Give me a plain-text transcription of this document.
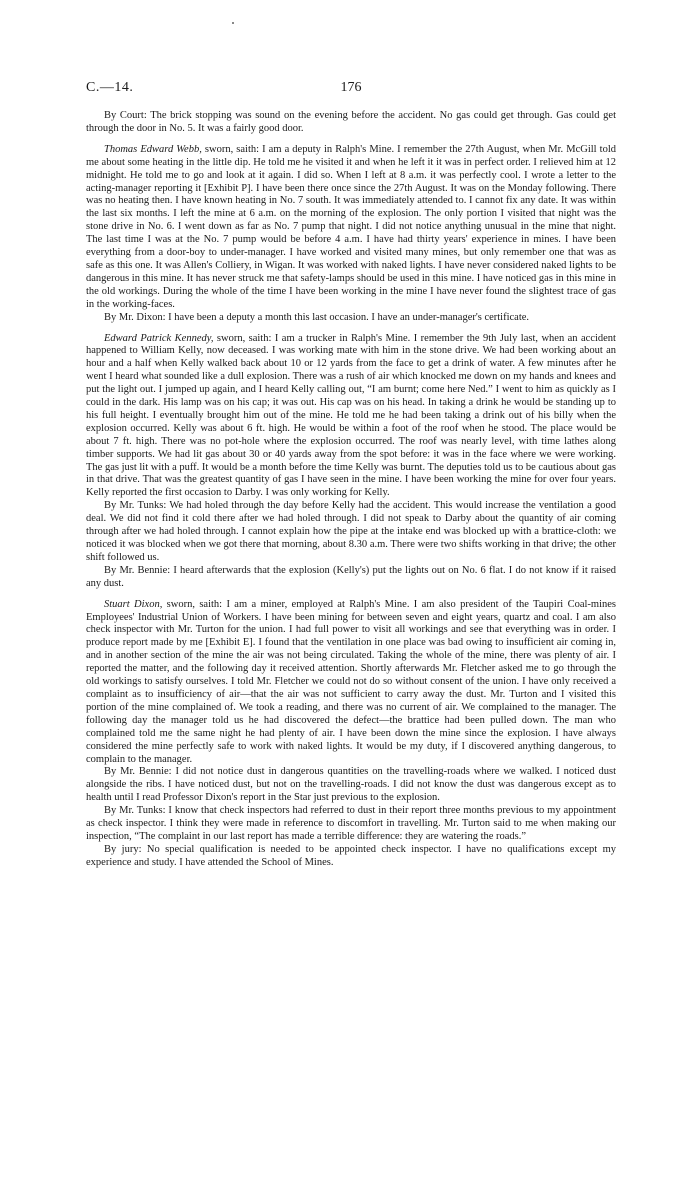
C.—14.	176

By Court: The brick stopping was sound on the evening before the accident. No gas could get through. Gas could get through the door in No. 5. It was a fairly good door.

Thomas Edward Webb, sworn, saith: I am a deputy in Ralph's Mine. I remember the 27th August, when Mr. McGill told me about some heating in the little dip. He told me he visited it and when he left it it was in perfect order. I relieved him at 12 midnight. He told me to go and look at it again. I did so. When I left at 8 a.m. it was perfectly cool. I wrote a letter to the acting-manager reporting it [Exhibit P]. I have been there once since the 27th August. It was on the Monday following. There was no heating then. I have known heating in No. 7 south. It was immediately attended to. I cannot fix any date. It was within the last six months. I left the mine at 6 a.m. on the morning of the explosion. The only portion I visited that night was the stone drive in No. 6. I went down as far as No. 7 pump that night. I did not notice anything unusual in the mine that night. The last time I was at the No. 7 pump would be before 4 a.m. I have had thirty years' experience in mines. I have been everything from a door-boy to under-manager. I have worked and visited many mines, but only remember one that was as safe as this one. It was Allen's Colliery, in Wigan. It was worked with naked lights. I have never considered naked lights to be dangerous in this mine. It has never struck me that safety-lamps should be used in this mine. I have noticed gas in this mine in the old workings. During the whole of the time I have been working in the mine I have never found the slightest trace of gas in the working-faces.

By Mr. Dixon: I have been a deputy a month this last occasion. I have an under-manager's certificate.

Edward Patrick Kennedy, sworn, saith: I am a trucker in Ralph's Mine. I remember the 9th July last, when an accident happened to William Kelly, now deceased. I was working mate with him in the stone drive. We had been working about an hour and a half when Kelly walked back about 10 or 12 yards from the face to get a drink of water. A few minutes after he went I heard what sounded like a dull explosion. There was a rush of air which knocked me down on my hands and knees and put the light out. I jumped up again, and I heard Kelly calling out, “I am burnt; come here Ned.” I went to him as quickly as I could in the dark. His lamp was on his cap; it was out. His cap was on his head. In taking a drink he would be standing up to his full height. I eventually brought him out of the mine. He told me he had been taking a drink out of his billy when the explosion occurred. Kelly was about 6 ft. high. He would be within a foot of the roof when he stood. The place would be about 7 ft. high. There was no pot-hole where the explosion occurred. The roof was nearly level, with time lathes along timber supports. We had lit gas about 30 or 40 yards away from the spot before: it was in the face where we were working. The gas just lit with a puff. It would be a month before the time Kelly was burnt. The deputies told us to be cautious about gas in that drive. That was the greatest quantity of gas I have seen in the mine. I have been working the mine for over four years. Kelly reported the first occasion to Darby. I was only working for Kelly.

By Mr. Tunks: We had holed through the day before Kelly had the accident. This would increase the ventilation a good deal. We did not find it cold there after we had holed through. I did not speak to Darby about the quantity of air coming through after we had holed through. I cannot explain how the pipe at the intake end was blocked up with a brattice-cloth: we noticed it was blocked when we got there that morning, about 8.30 a.m. There were two shifts working in that drive; the other shift followed us.

By Mr. Bennie: I heard afterwards that the explosion (Kelly's) put the lights out on No. 6 flat. I do not know if it raised any dust.

Stuart Dixon, sworn, saith: I am a miner, employed at Ralph's Mine. I am also president of the Taupiri Coal-mines Employees' Industrial Union of Workers. I have been mining for between seven and eight years, quartz and coal. I am also check inspector with Mr. Turton for the union. I had full power to visit all workings and see that everything was in order. I produce report made by me [Exhibit E]. I found that the ventilation in one place was bad owing to insufficient air coming in, and in another section of the mine the air was not being circulated. Taking the whole of the mine, there was plenty of air. I reported the matter, and the following day it received attention. Shortly afterwards Mr. Fletcher asked me to go through the old workings to satisfy ourselves. I told Mr. Fletcher we could not do so without consent of the union. I have only received a complaint as to insufficiency of air—that the air was not sufficient to carry away the dust. Mr. Turton and I visited this portion of the mine complained of. We took a reading, and there was no current of air. We complained to the manager. The following day the manager told us he had discovered the defect—the brattice had been pulled down. The man who complained told me the same night he had plenty of air. I have been down the mine since the explosion. I have always considered the mine perfectly safe to work with naked lights. It would be my duty, if I discovered anything dangerous, to complain to the manager.

By Mr. Bennie: I did not notice dust in dangerous quantities on the travelling-roads where we walked. I noticed dust alongside the ribs. I have noticed dust, but not on the travelling-roads. I did not know the dust was dangerous except as to health until I read Professor Dixon's report in the Star just previous to the explosion.

By Mr. Tunks: I know that check inspectors had referred to dust in their report three months previous to my appointment as check inspector. I think they were made in reference to discomfort in travelling. Mr. Turton said to me when making our inspection, “The complaint in our last report has made a terrible difference: they are watering the roads.”

By jury: No special qualification is needed to be appointed check inspector. I have no qualifications except my experience and study. I have attended the School of Mines.
